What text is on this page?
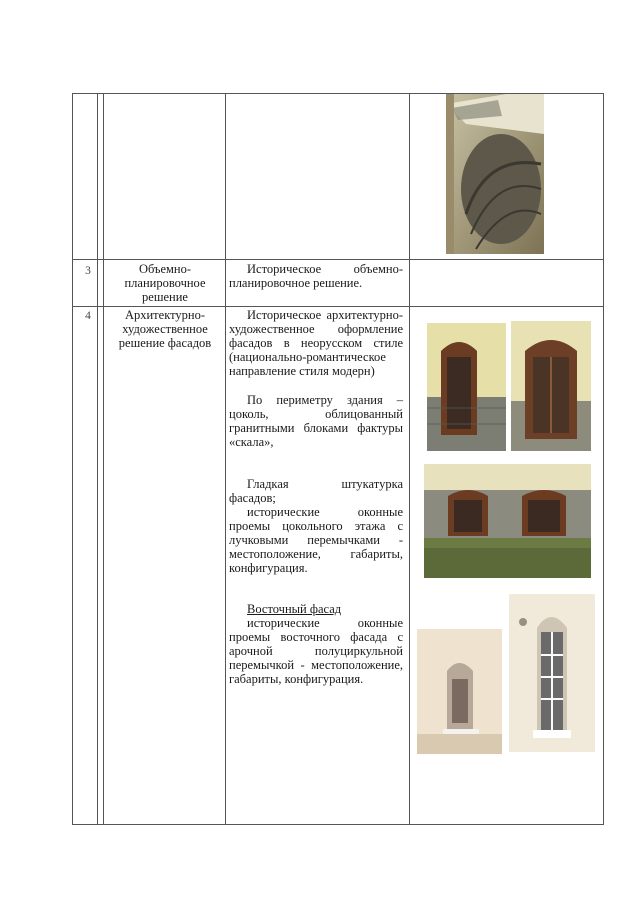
3	Объемно-планировочное решение
Историческое объемно-планировочное решение.
4	Архитектурно-художественное решение фасадов
Историческое архитектурно-художественное оформление фасадов в неорусском стиле (национально-романтическое направление стиля модерн)
По периметру здания – цоколь, облицованный гранитными блоками фактуры «скала»,
Гладкая штукатурка фасадов;
исторические оконные проемы цокольного этажа с лучковыми перемычками - местоположение, габариты, конфигурация.
Восточный фасад
исторические оконные проемы восточного фасада с арочной полуциркульной перемычкой - местоположение, габариты, конфигурация.
